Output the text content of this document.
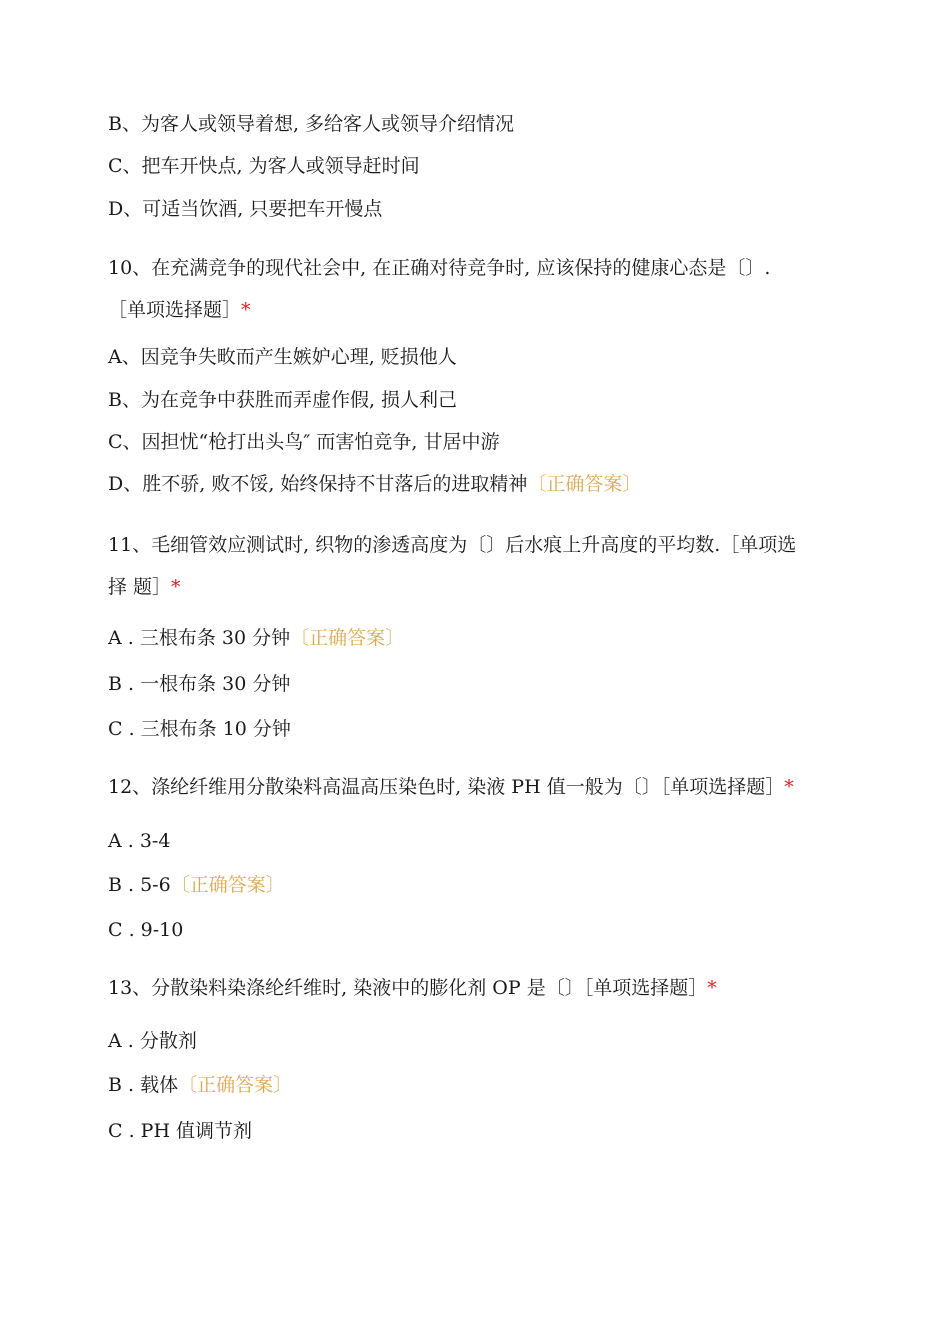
B、为客人或领导着想, 多给客人或领导介绍情况
C、把车开快点, 为客人或领导赶时间
D、可适当饮酒, 只要把车开慢点
10、在充满竞争的现代社会中, 在正确对待竞争时, 应该保持的健康心态是〔〕.
［单项选择题］*
A、因竞争失畋而产生嫉妒心理, 贬损他人
B、为在竞争中获胜而弄虚作假, 损人利己
C、因担忧“枪打出头鸟″ 而害怕竞争, 甘居中游
D、胜不骄, 败不馁, 始终保持不甘落后的进取精神〔正确答案〕
11、毛细管效应测试时, 织物的渗透高度为〔〕后水痕上升高度的平均数.［单项选
择 题］*
A . 三根布条 30 分钟〔正确答案〕
B . 一根布条 30 分钟
C . 三根布条 10 分钟
12、涤纶纤维用分散染料高温高压染色时, 染液 PH 值一般为〔〕［单项选择题］*
A . 3-4
B . 5-6〔正确答案〕
C . 9-10
13、分散染料染涤纶纤维时, 染液中的膨化剂 OP 是〔〕［单项选择题］*
A . 分散剂
B . 载体〔正确答案〕
C . PH 值调节剂
